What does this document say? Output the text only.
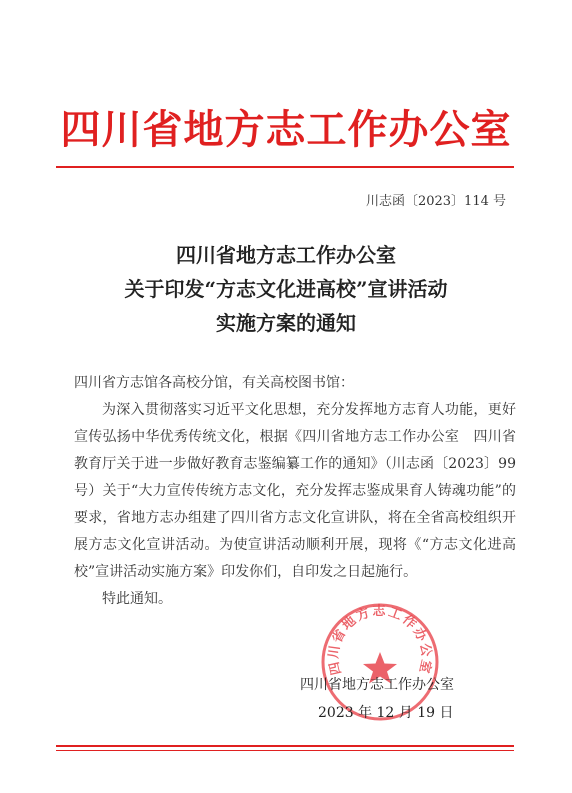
四川省地方志工作办公室
川志函〔2023〕114 号
四川省地方志工作办公室
关于印发“方志文化进高校”宣讲活动
实施方案的通知

四川省方志馆各高校分馆，有关高校图书馆：

为深入贯彻落实习近平文化思想，充分发挥地方志育人功能，更好宣传弘扬中华优秀传统文化，根据《四川省地方志工作办公室　四川省教育厅关于进一步做好教育志鉴编纂工作的通知》（川志函〔2023〕99 号）关于“大力宣传传统方志文化，充分发挥志鉴成果育人铸魂功能”的要求，省地方志办组建了四川省方志文化宣讲队，将在全省高校组织开展方志文化宣讲活动。为使宣讲活动顺利开展，现将《“方志文化进高校”宣讲活动实施方案》印发你们，自印发之日起施行。

特此通知。

四川省地方志工作办公室
四川省地方志工作办公室
2023 年 12 月 19 日
